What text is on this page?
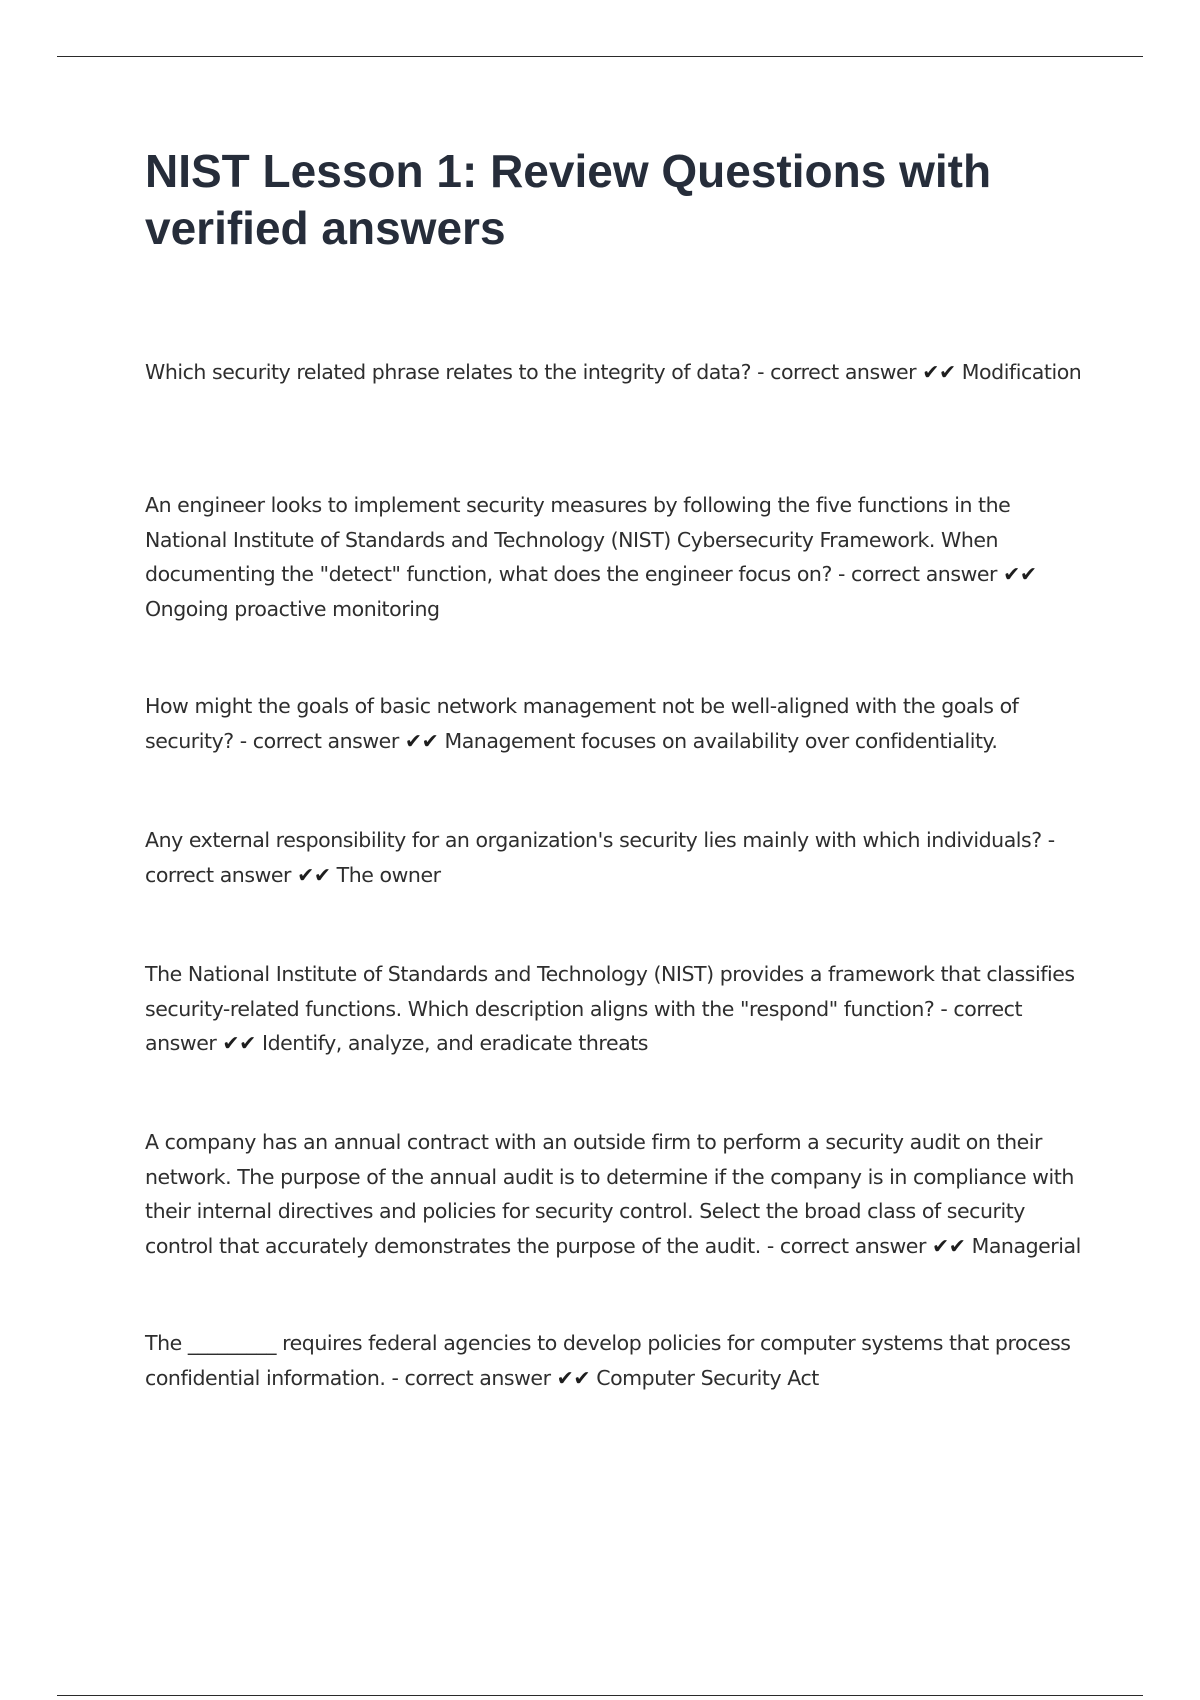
NIST Lesson 1: Review Questions with verified answers

Which security related phrase relates to the integrity of data? - correct answer ✔✔ Modification

An engineer looks to implement security measures by following the five functions in the National Institute of Standards and Technology (NIST) Cybersecurity Framework. When documenting the "detect" function, what does the engineer focus on? - correct answer ✔✔ Ongoing proactive monitoring

How might the goals of basic network management not be well-aligned with the goals of security? - correct answer ✔✔ Management focuses on availability over confidentiality.

Any external responsibility for an organization's security lies mainly with which individuals? - correct answer ✔✔ The owner

The National Institute of Standards and Technology (NIST) provides a framework that classifies security-related functions. Which description aligns with the "respond" function? - correct answer ✔✔ Identify, analyze, and eradicate threats

A company has an annual contract with an outside firm to perform a security audit on their network. The purpose of the annual audit is to determine if the company is in compliance with their internal directives and policies for security control. Select the broad class of security control that accurately demonstrates the purpose of the audit. - correct answer ✔✔ Managerial

The _________ requires federal agencies to develop policies for computer systems that process confidential information. - correct answer ✔✔ Computer Security Act
